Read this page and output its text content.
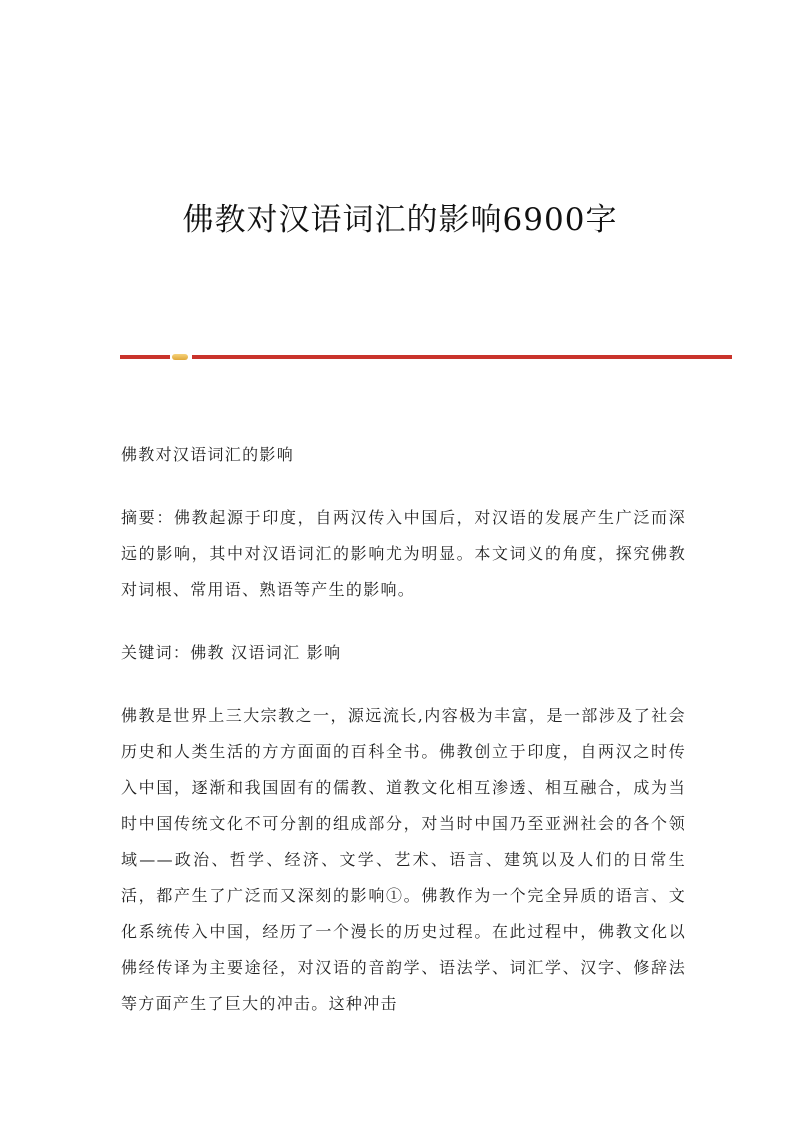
佛教对汉语词汇的影响6900字

佛教对汉语词汇的影响

摘要：佛教起源于印度，自两汉传入中国后，对汉语的发展产生广泛而深远的影响，其中对汉语词汇的影响尤为明显。本文词义的角度，探究佛教对词根、常用语、熟语等产生的影响。

关键词：佛教 汉语词汇 影响

佛教是世界上三大宗教之一，源远流长,内容极为丰富，是一部涉及了社会历史和人类生活的方方面面的百科全书。佛教创立于印度，自两汉之时传入中国，逐渐和我国固有的儒教、道教文化相互渗透、相互融合，成为当时中国传统文化不可分割的组成部分，对当时中国乃至亚洲社会的各个领域——政治、哲学、经济、文学、艺术、语言、建筑以及人们的日常生活，都产生了广泛而又深刻的影响①。佛教作为一个完全异质的语言、文化系统传入中国，经历了一个漫长的历史过程。在此过程中，佛教文化以佛经传译为主要途径，对汉语的音韵学、语法学、词汇学、汉字、修辞法等方面产生了巨大的冲击。这种冲击
